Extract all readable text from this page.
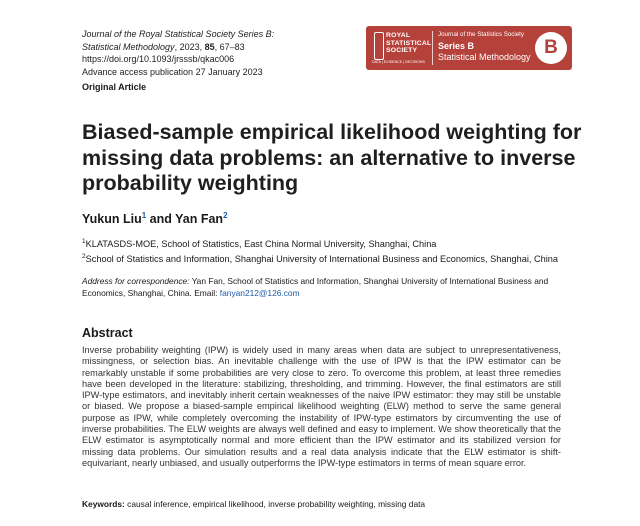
Journal of the Royal Statistical Society Series B:
Statistical Methodology, 2023, 85, 67–83
https://doi.org/10.1093/jrsssb/qkac006
Advance access publication 27 January 2023
ROYAL STATISTICAL SOCIETY
DATA | EVIDENCE | DECISIONS
Journal of the Statistics Society
Series B
Statistical Methodology B
Original Article
Biased-sample empirical likelihood weighting for missing data problems: an alternative to inverse probability weighting
Yukun Liu$^1$ and Yan Fan$^2$
$^1$KLATASDS-MOE, School of Statistics, East China Normal University, Shanghai, China
$^2$School of Statistics and Information, Shanghai University of International Business and Economics, Shanghai, China
Address for correspondence: Yan Fan, School of Statistics and Information, Shanghai University of International Business and Economics, Shanghai, China. Email: fanyan212@126.com
Abstract
Inverse probability weighting (IPW) is widely used in many areas when data are subject to unrepresentativeness, missingness, or selection bias. An inevitable challenge with the use of IPW is that the IPW estimator can be remarkably unstable if some probabilities are very close to zero. To overcome this problem, at least three remedies have been developed in the literature: stabilizing, thresholding, and trimming. However, the final estimators are still IPW-type estimators, and inevitably inherit certain weaknesses of the naive IPW estimator: they may still be unstable or biased. We propose a biased-sample empirical likelihood weighting (ELW) method to serve the same general purpose as IPW, while completely overcoming the instability of IPW-type estimators by circumventing the use of inverse probabilities. The ELW weights are always well defined and easy to implement. We show theoretically that the ELW estimator is asymptotically normal and more efficient than the IPW estimator and its stabilized version for missing data problems. Our simulation results and a real data analysis indicate that the ELW estimator is shift-equivariant, nearly unbiased, and usually outperforms the IPW-type estimators in terms of mean square error.
Keywords: causal inference, empirical likelihood, inverse probability weighting, missing data
